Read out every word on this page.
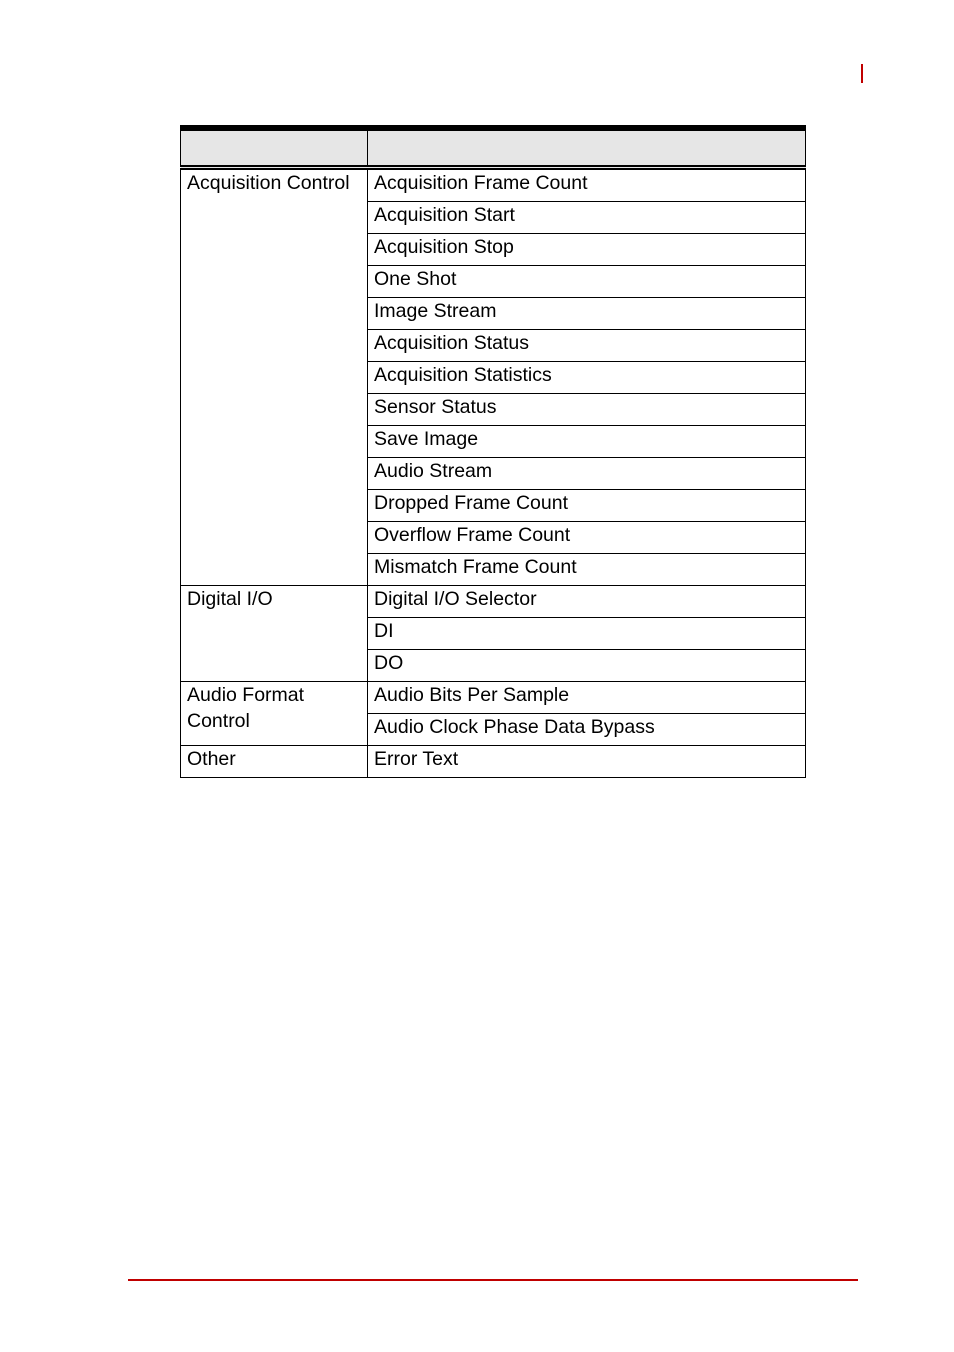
Acquisition Control	Acquisition Frame Count
	Acquisition Start
	Acquisition Stop
	One Shot
	Image Stream
	Acquisition Status
	Acquisition Statistics
	Sensor Status
	Save Image
	Audio Stream
	Dropped Frame Count
	Overflow Frame Count
	Mismatch Frame Count
Digital I/O	Digital I/O Selector
	DI
	DO
Audio Format Control	Audio Bits Per Sample
	Audio Clock Phase Data Bypass
Other	Error Text
